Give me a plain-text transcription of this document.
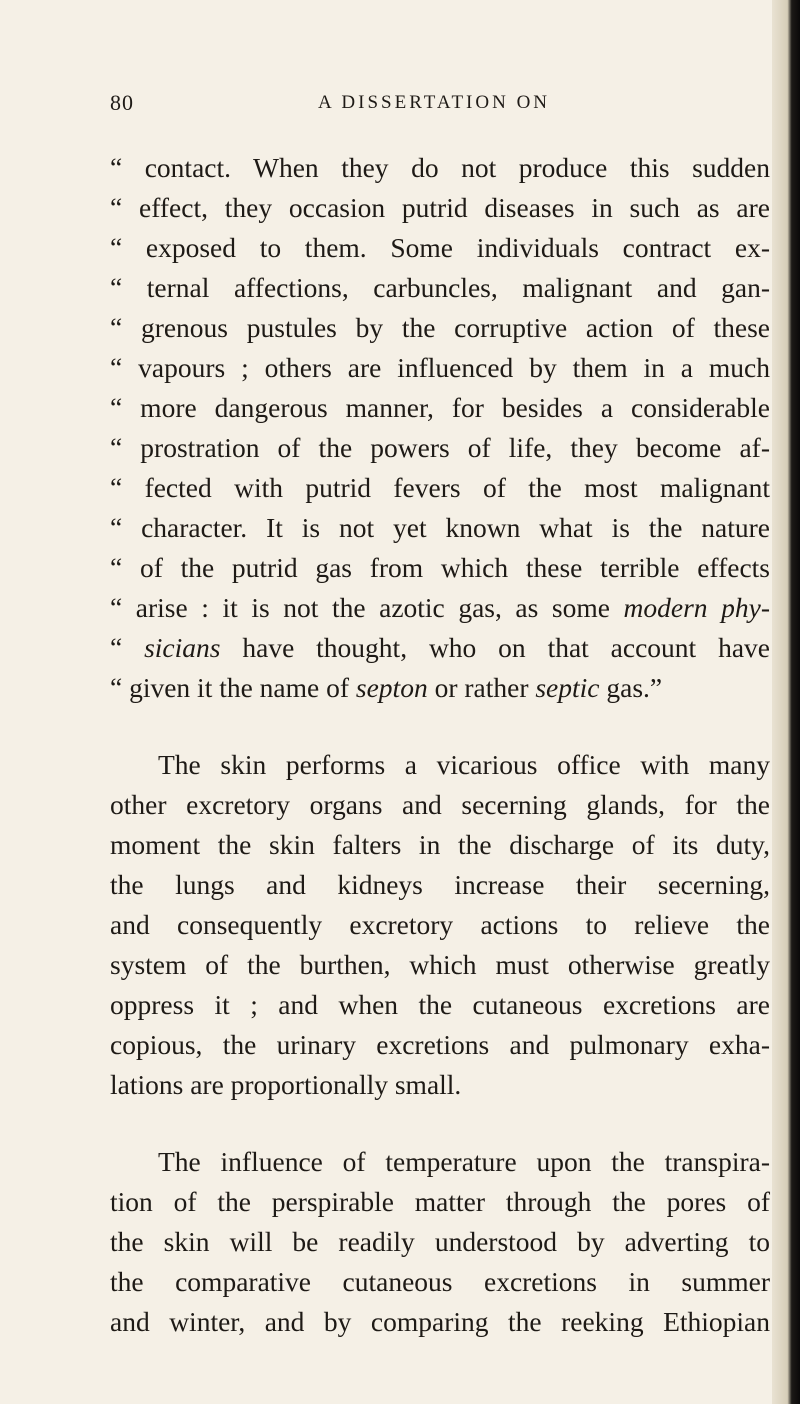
80	A DISSERTATION ON
“ contact. When they do not produce this sudden
“ effect, they occasion putrid diseases in such as are
“ exposed to them. Some individuals contract ex-
“ ternal affections, carbuncles, malignant and gan-
“ grenous pustules by the corruptive action of these
“ vapours ; others are influenced by them in a much
“ more dangerous manner, for besides a considerable
“ prostration of the powers of life, they become af-
“ fected with putrid fevers of the most malignant
“ character. It is not yet known what is the nature
“ of the putrid gas from which these terrible effects
“ arise : it is not the azotic gas, as some modern phy-
“ sicians have thought, who on that account have
“ given it the name of septon or rather septic gas.”
The skin performs a vicarious office with many
other excretory organs and secerning glands, for the
moment the skin falters in the discharge of its duty,
the lungs and kidneys increase their secerning,
and consequently excretory actions to relieve the
system of the burthen, which must otherwise greatly
oppress it ; and when the cutaneous excretions are
copious, the urinary excretions and pulmonary exha-
lations are proportionally small.
The influence of temperature upon the transpira-
tion of the perspirable matter through the pores of
the skin will be readily understood by adverting to
the comparative cutaneous excretions in summer
and winter, and by comparing the reeking Ethiopian
